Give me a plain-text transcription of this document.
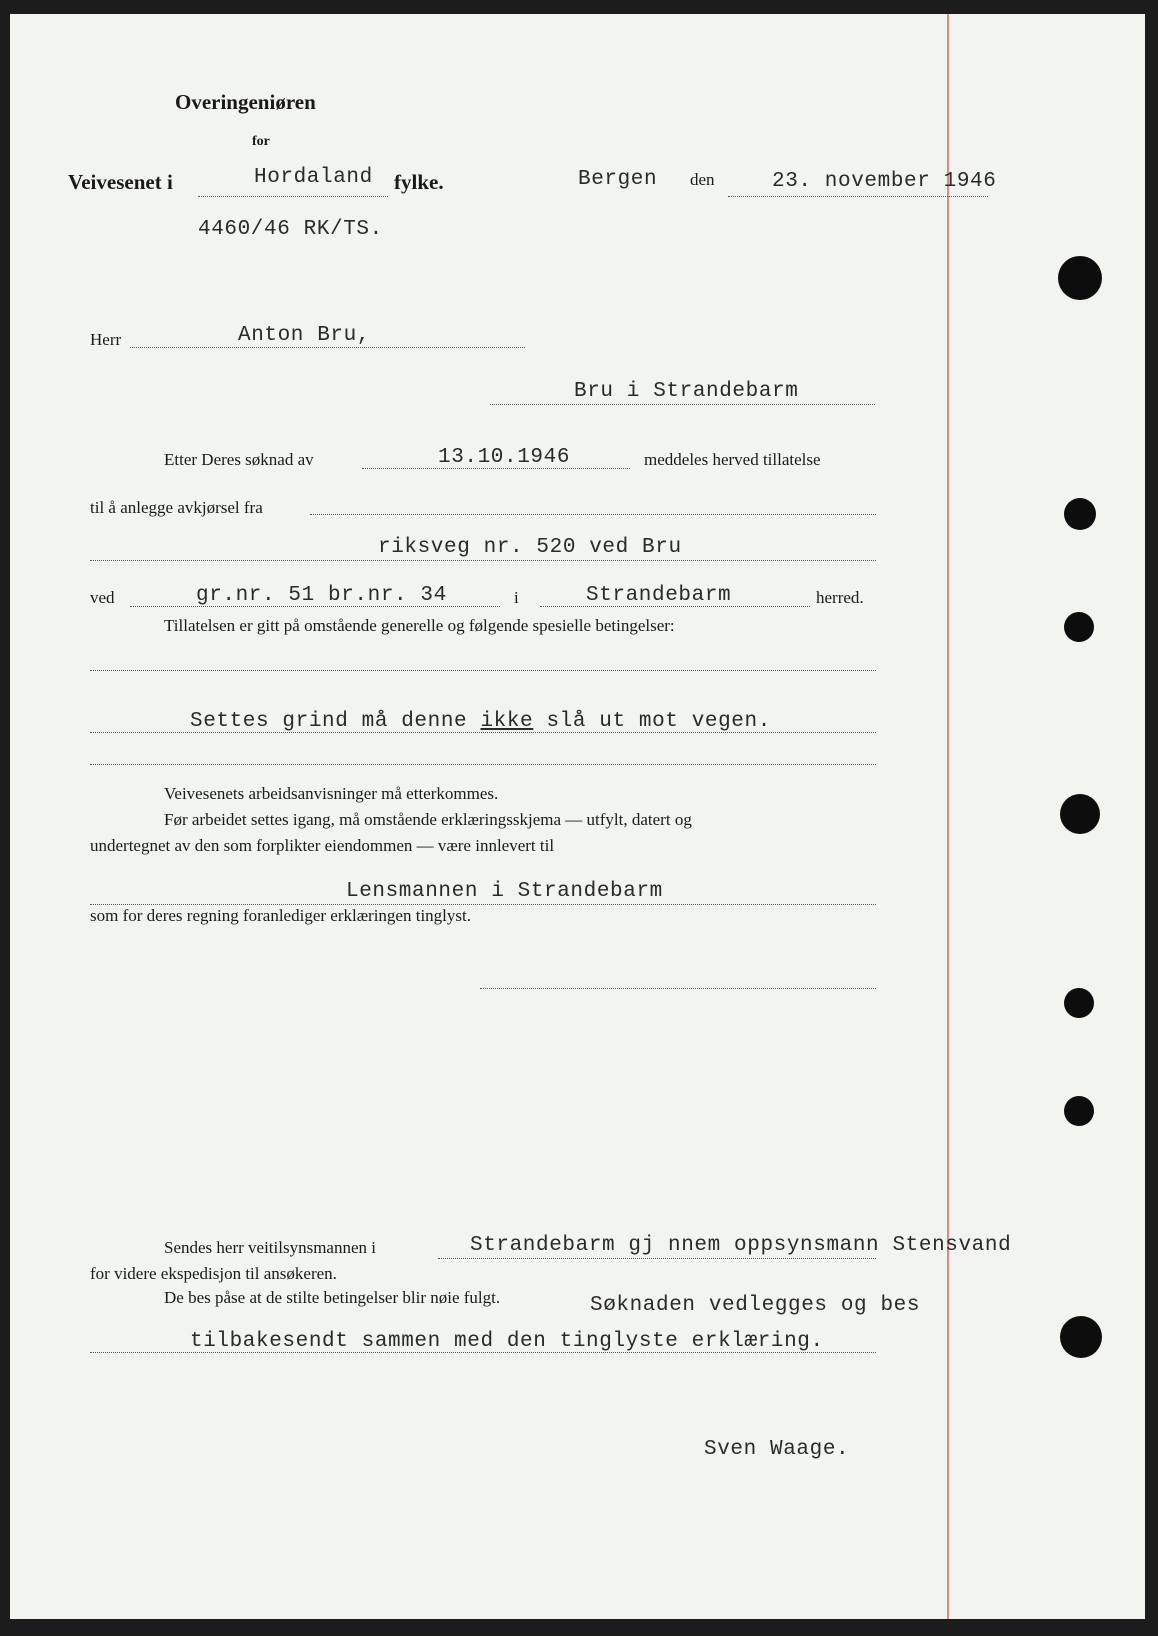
Overingeniøren
for
Veivesenet i	Hordaland fylke.	Bergen den	23. november 1946
4460/46 RK/TS.
Herr	Anton Bru,
Bru i Strandebarm
Etter Deres søknad av	13.10.1946	meddeles herved tillatelse
til å anlegge avkjørsel fra
riksveg nr. 520 ved Bru
ved	gr.nr. 51 br.nr. 34	i	Strandebarm	herred.
Tillatelsen er gitt på omstående generelle og følgende spesielle betingelser:
Settes grind må denne ikke slå ut mot vegen.
Veivesenets arbeidsanvisninger må etterkommes.
Før arbeidet settes igang, må omstående erklæringsskjema — utfylt, datert og
undertegnet av den som forplikter eiendommen — være innlevert til
Lensmannen i Strandebarm
som for deres regning foranlediger erklæringen tinglyst.
Sendes herr veitilsynsmannen i	Strandebarm gj nnem oppsynsmann Stensvand
for videre ekspedisjon til ansøkeren.
De bes påse at de stilte betingelser blir nøie fulgt.	Søknaden vedlegges og bes
tilbakesendt sammen med den tinglyste erklæring.
Sven Waage.
